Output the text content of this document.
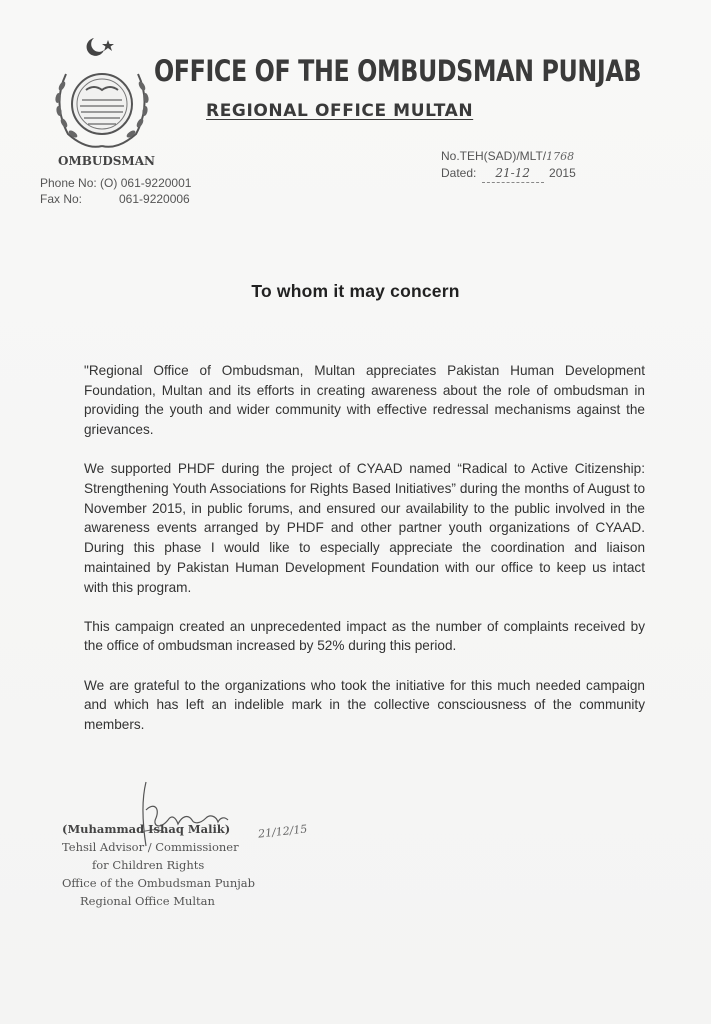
OFFICE OF THE OMBUDSMAN PUNJAB
REGIONAL OFFICE MULTAN
OMBUDSMAN
Phone No: (O)
061-9220001
Fax No:	061-9220006
No.TEH(SAD)/MLT/1768
Dated: 21-12 2015
To whom it may concern

"Regional Office of Ombudsman, Multan appreciates Pakistan Human Development Foundation, Multan and its efforts in creating awareness about the role of ombudsman in providing the youth and wider community with effective redressal mechanisms against the grievances.

We supported PHDF during the project of CYAAD named “Radical to Active Citizenship: Strengthening Youth Associations for Rights Based Initiatives” during the months of August to November 2015, in public forums, and ensured our availability to the public involved in the awareness events arranged by PHDF and other partner youth organizations of CYAAD. During this phase I would like to especially appreciate the coordination and liaison maintained by Pakistan Human Development Foundation with our office to keep us intact with this program.

This campaign created an unprecedented impact as the number of complaints received by the office of ombudsman increased by 52% during this period.

We are grateful to the organizations who took the initiative for this much needed campaign and which has left an indelible mark in the collective consciousness of the community members.

(Muhammad Ishaq Malik)
Tehsil Advisor / Commissioner
for Children Rights
Office of the Ombudsman Punjab
Regional Office Multan
21/12/15
